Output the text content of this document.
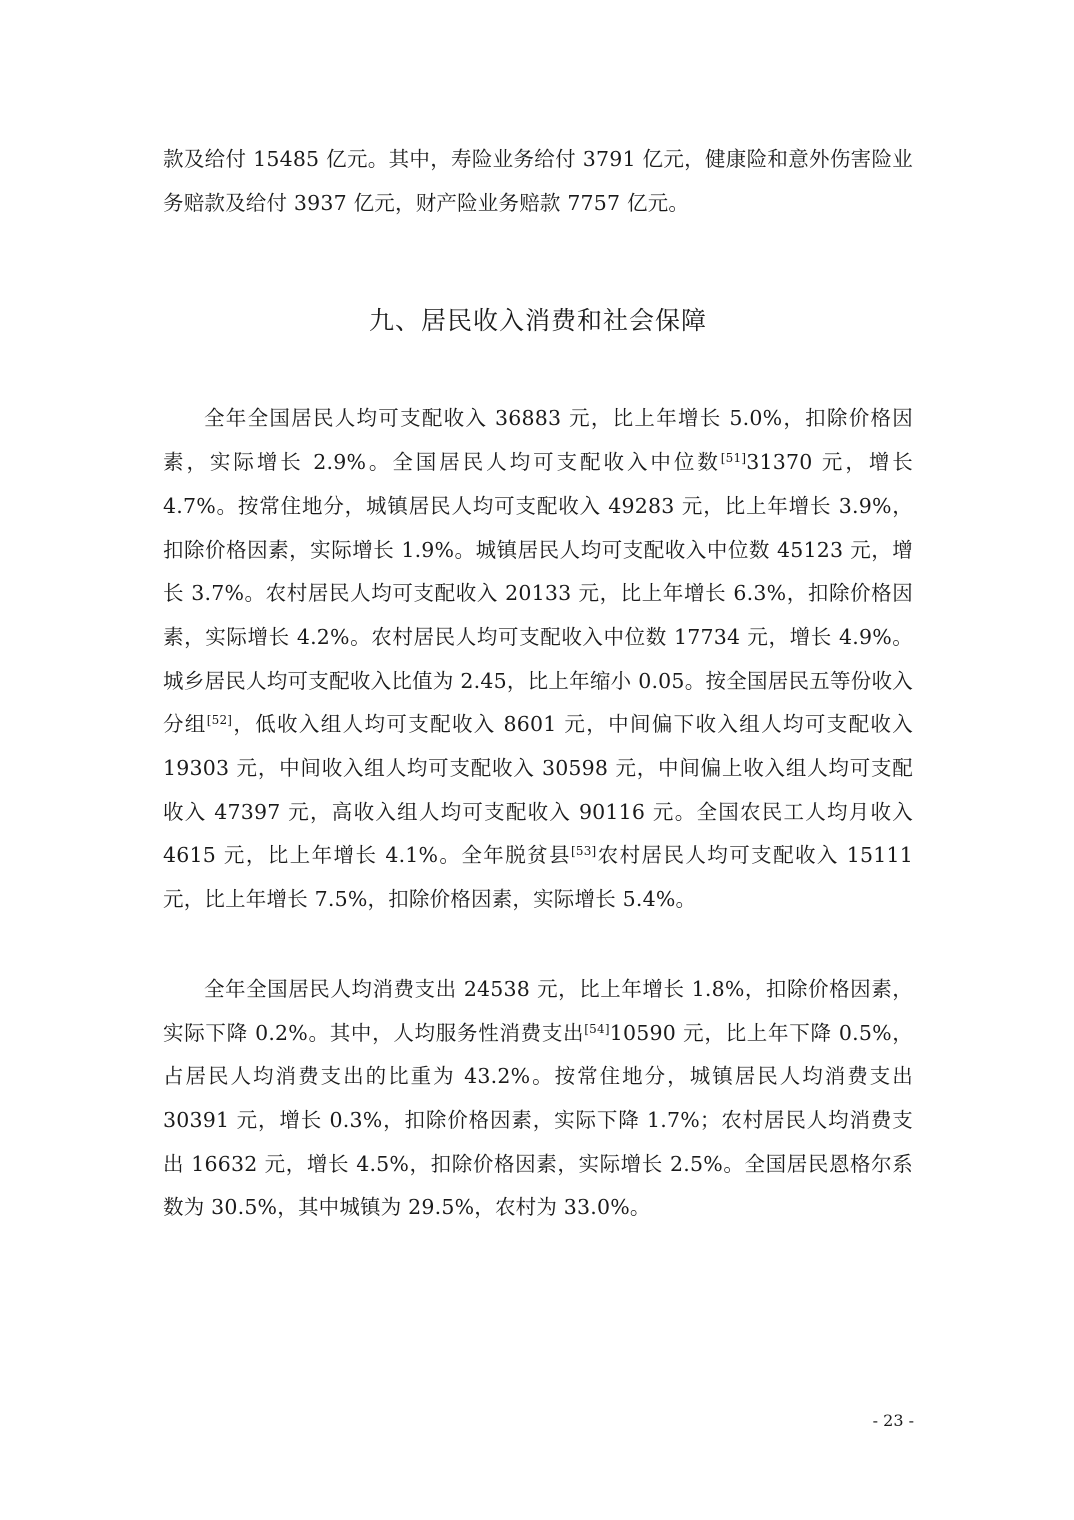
款及给付 15485 亿元。其中，寿险业务给付 3791 亿元，健康险和意外伤害险业务赔款及给付 3937 亿元，财产险业务赔款 7757 亿元。

九、居民收入消费和社会保障

全年全国居民人均可支配收入 36883 元，比上年增长 5.0%，扣除价格因素，实际增长 2.9%。全国居民人均可支配收入中位数[51]31370 元，增长 4.7%。按常住地分，城镇居民人均可支配收入 49283 元，比上年增长 3.9%，扣除价格因素，实际增长 1.9%。城镇居民人均可支配收入中位数 45123 元，增长 3.7%。农村居民人均可支配收入 20133 元，比上年增长 6.3%，扣除价格因素，实际增长 4.2%。农村居民人均可支配收入中位数 17734 元，增长 4.9%。城乡居民人均可支配收入比值为 2.45，比上年缩小 0.05。按全国居民五等份收入分组[52]，低收入组人均可支配收入 8601 元，中间偏下收入组人均可支配收入 19303 元，中间收入组人均可支配收入 30598 元，中间偏上收入组人均可支配收入 47397 元，高收入组人均可支配收入 90116 元。全国农民工人均月收入 4615 元，比上年增长 4.1%。全年脱贫县[53]农村居民人均可支配收入 15111 元，比上年增长 7.5%，扣除价格因素，实际增长 5.4%。

全年全国居民人均消费支出 24538 元，比上年增长 1.8%，扣除价格因素，实际下降 0.2%。其中，人均服务性消费支出[54]10590 元，比上年下降 0.5%，占居民人均消费支出的比重为 43.2%。按常住地分，城镇居民人均消费支出 30391 元，增长 0.3%，扣除价格因素，实际下降 1.7%；农村居民人均消费支出 16632 元，增长 4.5%，扣除价格因素，实际增长 2.5%。全国居民恩格尔系数为 30.5%，其中城镇为 29.5%，农村为 33.0%。

- 23 -
